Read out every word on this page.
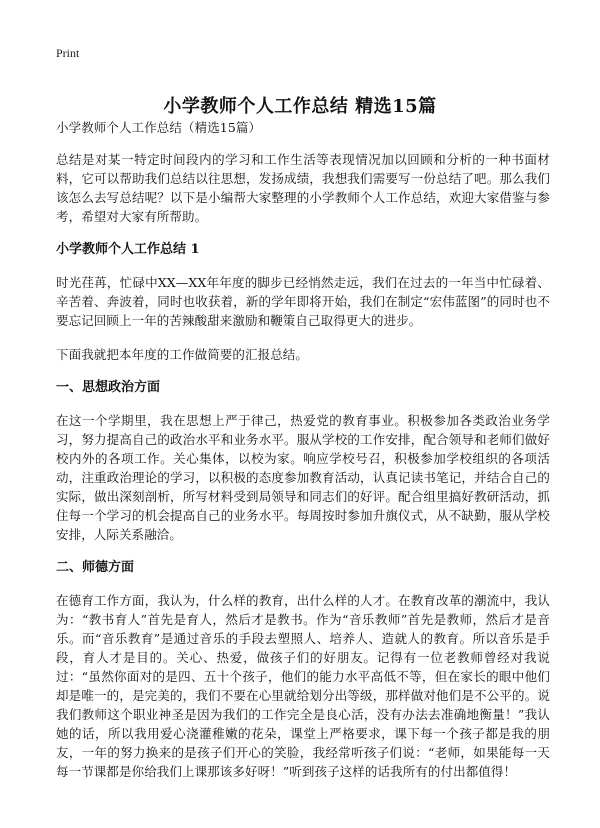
Print
小学教师个人工作总结 精选15篇

小学教师个人工作总结（精选15篇）

总结是对某一特定时间段内的学习和工作生活等表现情况加以回顾和分析的一种书面材料，它可以帮助我们总结以往思想，发扬成绩，我想我们需要写一份总结了吧。那么我们该怎么去写总结呢？以下是小编帮大家整理的小学教师个人工作总结，欢迎大家借鉴与参考，希望对大家有所帮助。

小学教师个人工作总结 1

时光荏苒，忙碌中XX—XX年年度的脚步已经悄然走远，我们在过去的一年当中忙碌着、辛苦着、奔波着，同时也收获着，新的学年即将开始，我们在制定“宏伟蓝图”的同时也不要忘记回顾上一年的苦辣酸甜来激励和鞭策自己取得更大的进步。

下面我就把本年度的工作做简要的汇报总结。

一、思想政治方面

在这一个学期里，我在思想上严于律己，热爱党的教育事业。积极参加各类政治业务学习，努力提高自己的政治水平和业务水平。服从学校的工作安排，配合领导和老师们做好校内外的各项工作。关心集体，以校为家。响应学校号召，积极参加学校组织的各项活动，注重政治理论的学习，以积极的态度参加教育活动，认真记读书笔记，并结合自己的实际，做出深刻剖析，所写材料受到局领导和同志们的好评。配合组里搞好教研活动，抓住每一个学习的机会提高自己的业务水平。每周按时参加升旗仪式，从不缺勤，服从学校安排，人际关系融洽。

二、师德方面

在德育工作方面，我认为，什么样的教育，出什么样的人才。在教育改革的潮流中，我认为：“教书育人”首先是育人，然后才是教书。作为“音乐教师”首先是教师，然后才是音乐。而“音乐教育”是通过音乐的手段去塑照人、培养人、造就人的教育。所以音乐是手段，育人才是目的。关心、热爱，做孩子们的好朋友。记得有一位老教师曾经对我说过：“虽然你面对的是四、五十个孩子，他们的能力水平高低不等，但在家长的眼中他们却是唯一的，是完美的，我们不要在心里就给划分出等级，那样做对他们是不公平的。说我们教师这个职业神圣是因为我们的工作完全是良心活，没有办法去准确地衡量！”我认她的话，所以我用爱心浇灌稚嫩的花朵，课堂上严格要求，课下每一个孩子都是我的朋友，一年的努力换来的是孩子们开心的笑脸，我经常听孩子们说：“老师，如果能每一天每一节课都是你给我们上课那该多好呀！”听到孩子这样的话我所有的付出都值得！
